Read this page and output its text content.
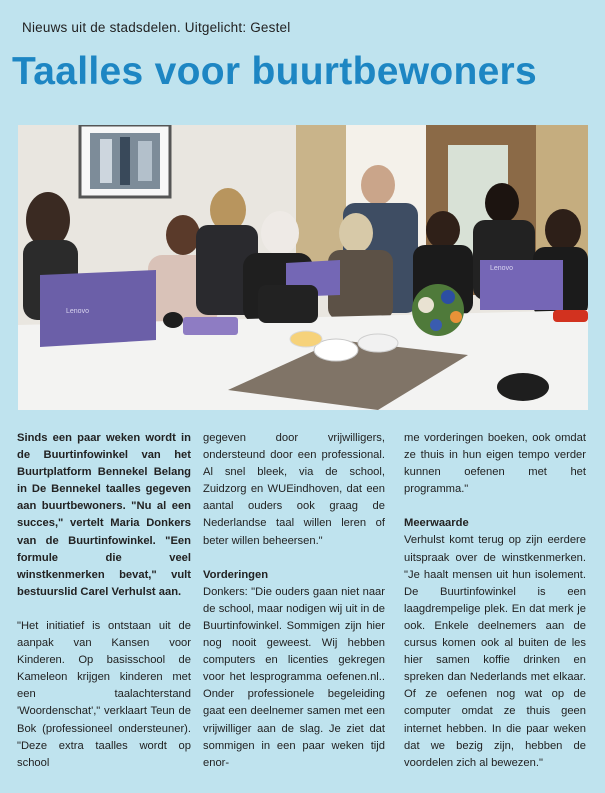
Nieuws uit de stadsdelen. Uitgelicht: Gestel
Taalles voor buurtbewoners
Lenovo
Lenovo

Sinds een paar weken wordt in de Buurtinfowinkel van het Buurtplatform Bennekel Belang in De Bennekel taalles gegeven aan buurtbewoners. "Nu al een succes," vertelt Maria Donkers van de Buurtinfowinkel. "Een formule die veel winstkenmerken bevat," vult bestuurslid Carel Verhulst aan.

"Het initiatief is ontstaan uit de aanpak van Kansen voor Kinderen. Op basisschool de Kameleon krijgen kinderen met een taalachterstand 'Woordenschat'," verklaart Teun de Bok (professioneel ondersteuner). "Deze extra taalles wordt op school

gegeven door vrijwilligers, ondersteund door een professional. Al snel bleek, via de school, Zuidzorg en WUEindhoven, dat een aantal ouders ook graag de Nederlandse taal willen leren of beter willen beheersen."

Vorderingen

Donkers: "Die ouders gaan niet naar de school, maar nodigen wij uit in de Buurtinfowinkel. Sommigen zijn hier nog nooit geweest. Wij hebben computers en licenties gekregen voor het lesprogramma oefenen.nl.. Onder professionele begeleiding gaat een deelnemer samen met een vrijwilliger aan de slag. Je ziet dat sommigen in een paar weken tijd enor-

me vorderingen boeken, ook omdat ze thuis in hun eigen tempo verder kunnen oefenen met het programma."

Meerwaarde

Verhulst komt terug op zijn eerdere uitspraak over de winstkenmerken. "Je haalt mensen uit hun isolement. De Buurtinfowinkel is een laagdrempelige plek. En dat merk je ook. Enkele deelnemers aan de cursus komen ook al buiten de les hier samen koffie drinken en spreken dan Nederlands met elkaar. Of ze oefenen nog wat op de computer omdat ze thuis geen internet hebben. In die paar weken dat we bezig zijn, hebben de voordelen zich al bewezen."
